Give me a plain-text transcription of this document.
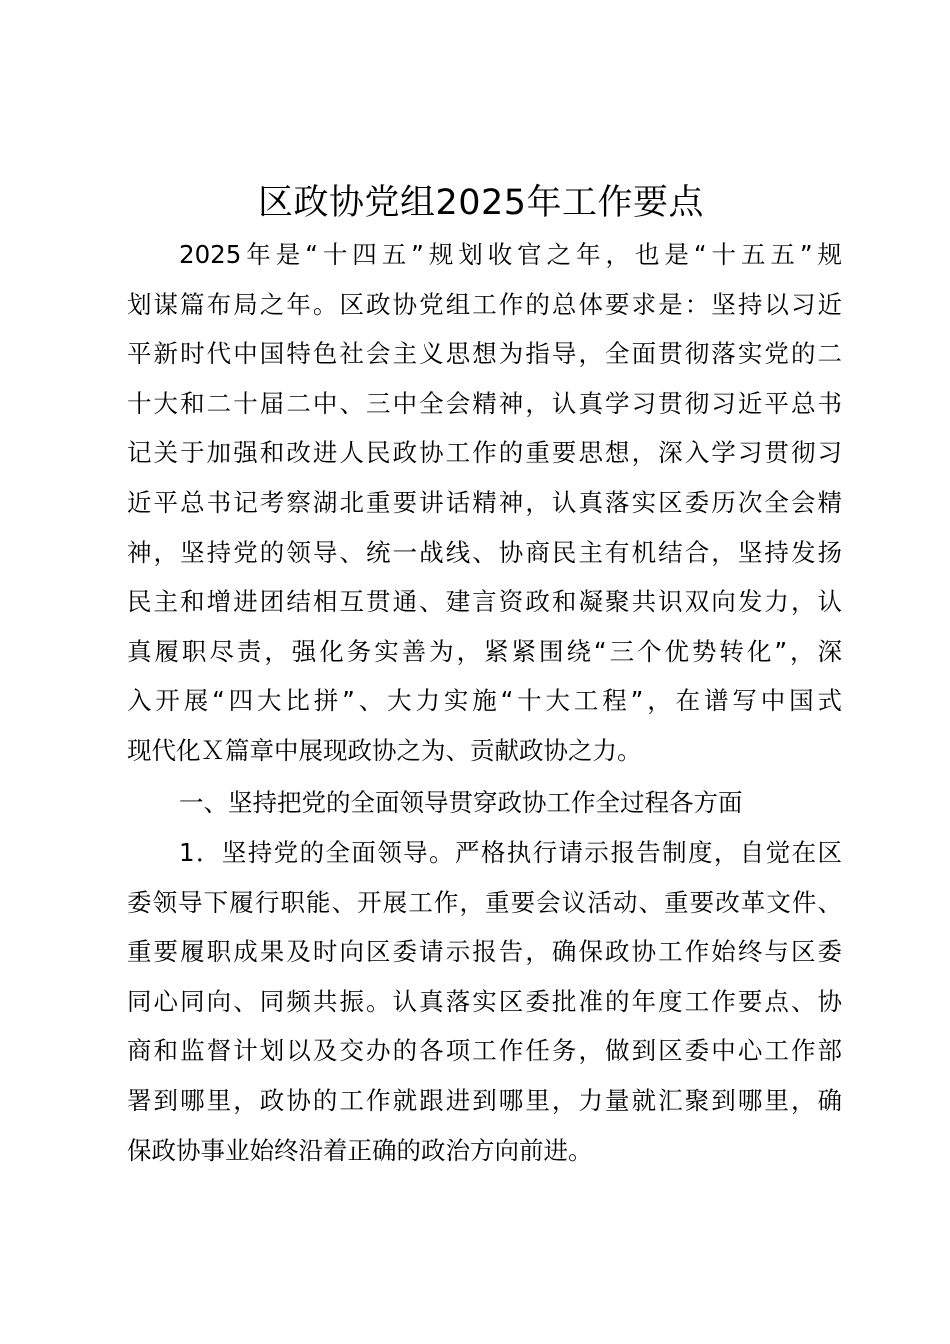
区政协党组2025年工作要点
2025年是“十四五”规划收官之年，也是“十五五”规
划谋篇布局之年。区政协党组工作的总体要求是：坚持以习近
平新时代中国特色社会主义思想为指导，全面贯彻落实党的二
十大和二十届二中、三中全会精神，认真学习贯彻习近平总书
记关于加强和改进人民政协工作的重要思想，深入学习贯彻习
近平总书记考察湖北重要讲话精神，认真落实区委历次全会精
神，坚持党的领导、统一战线、协商民主有机结合，坚持发扬
民主和增进团结相互贯通、建言资政和凝聚共识双向发力，认
真履职尽责，强化务实善为，紧紧围绕“三个优势转化”，深
入开展“四大比拼”、大力实施“十大工程”，在谱写中国式
现代化Ｘ篇章中展现政协之为、贡献政协之力。
一、坚持把党的全面领导贯穿政协工作全过程各方面
1．坚持党的全面领导。严格执行请示报告制度，自觉在区
委领导下履行职能、开展工作，重要会议活动、重要改革文件、
重要履职成果及时向区委请示报告，确保政协工作始终与区委
同心同向、同频共振。认真落实区委批准的年度工作要点、协
商和监督计划以及交办的各项工作任务，做到区委中心工作部
署到哪里，政协的工作就跟进到哪里，力量就汇聚到哪里，确
保政协事业始终沿着正确的政治方向前进。
